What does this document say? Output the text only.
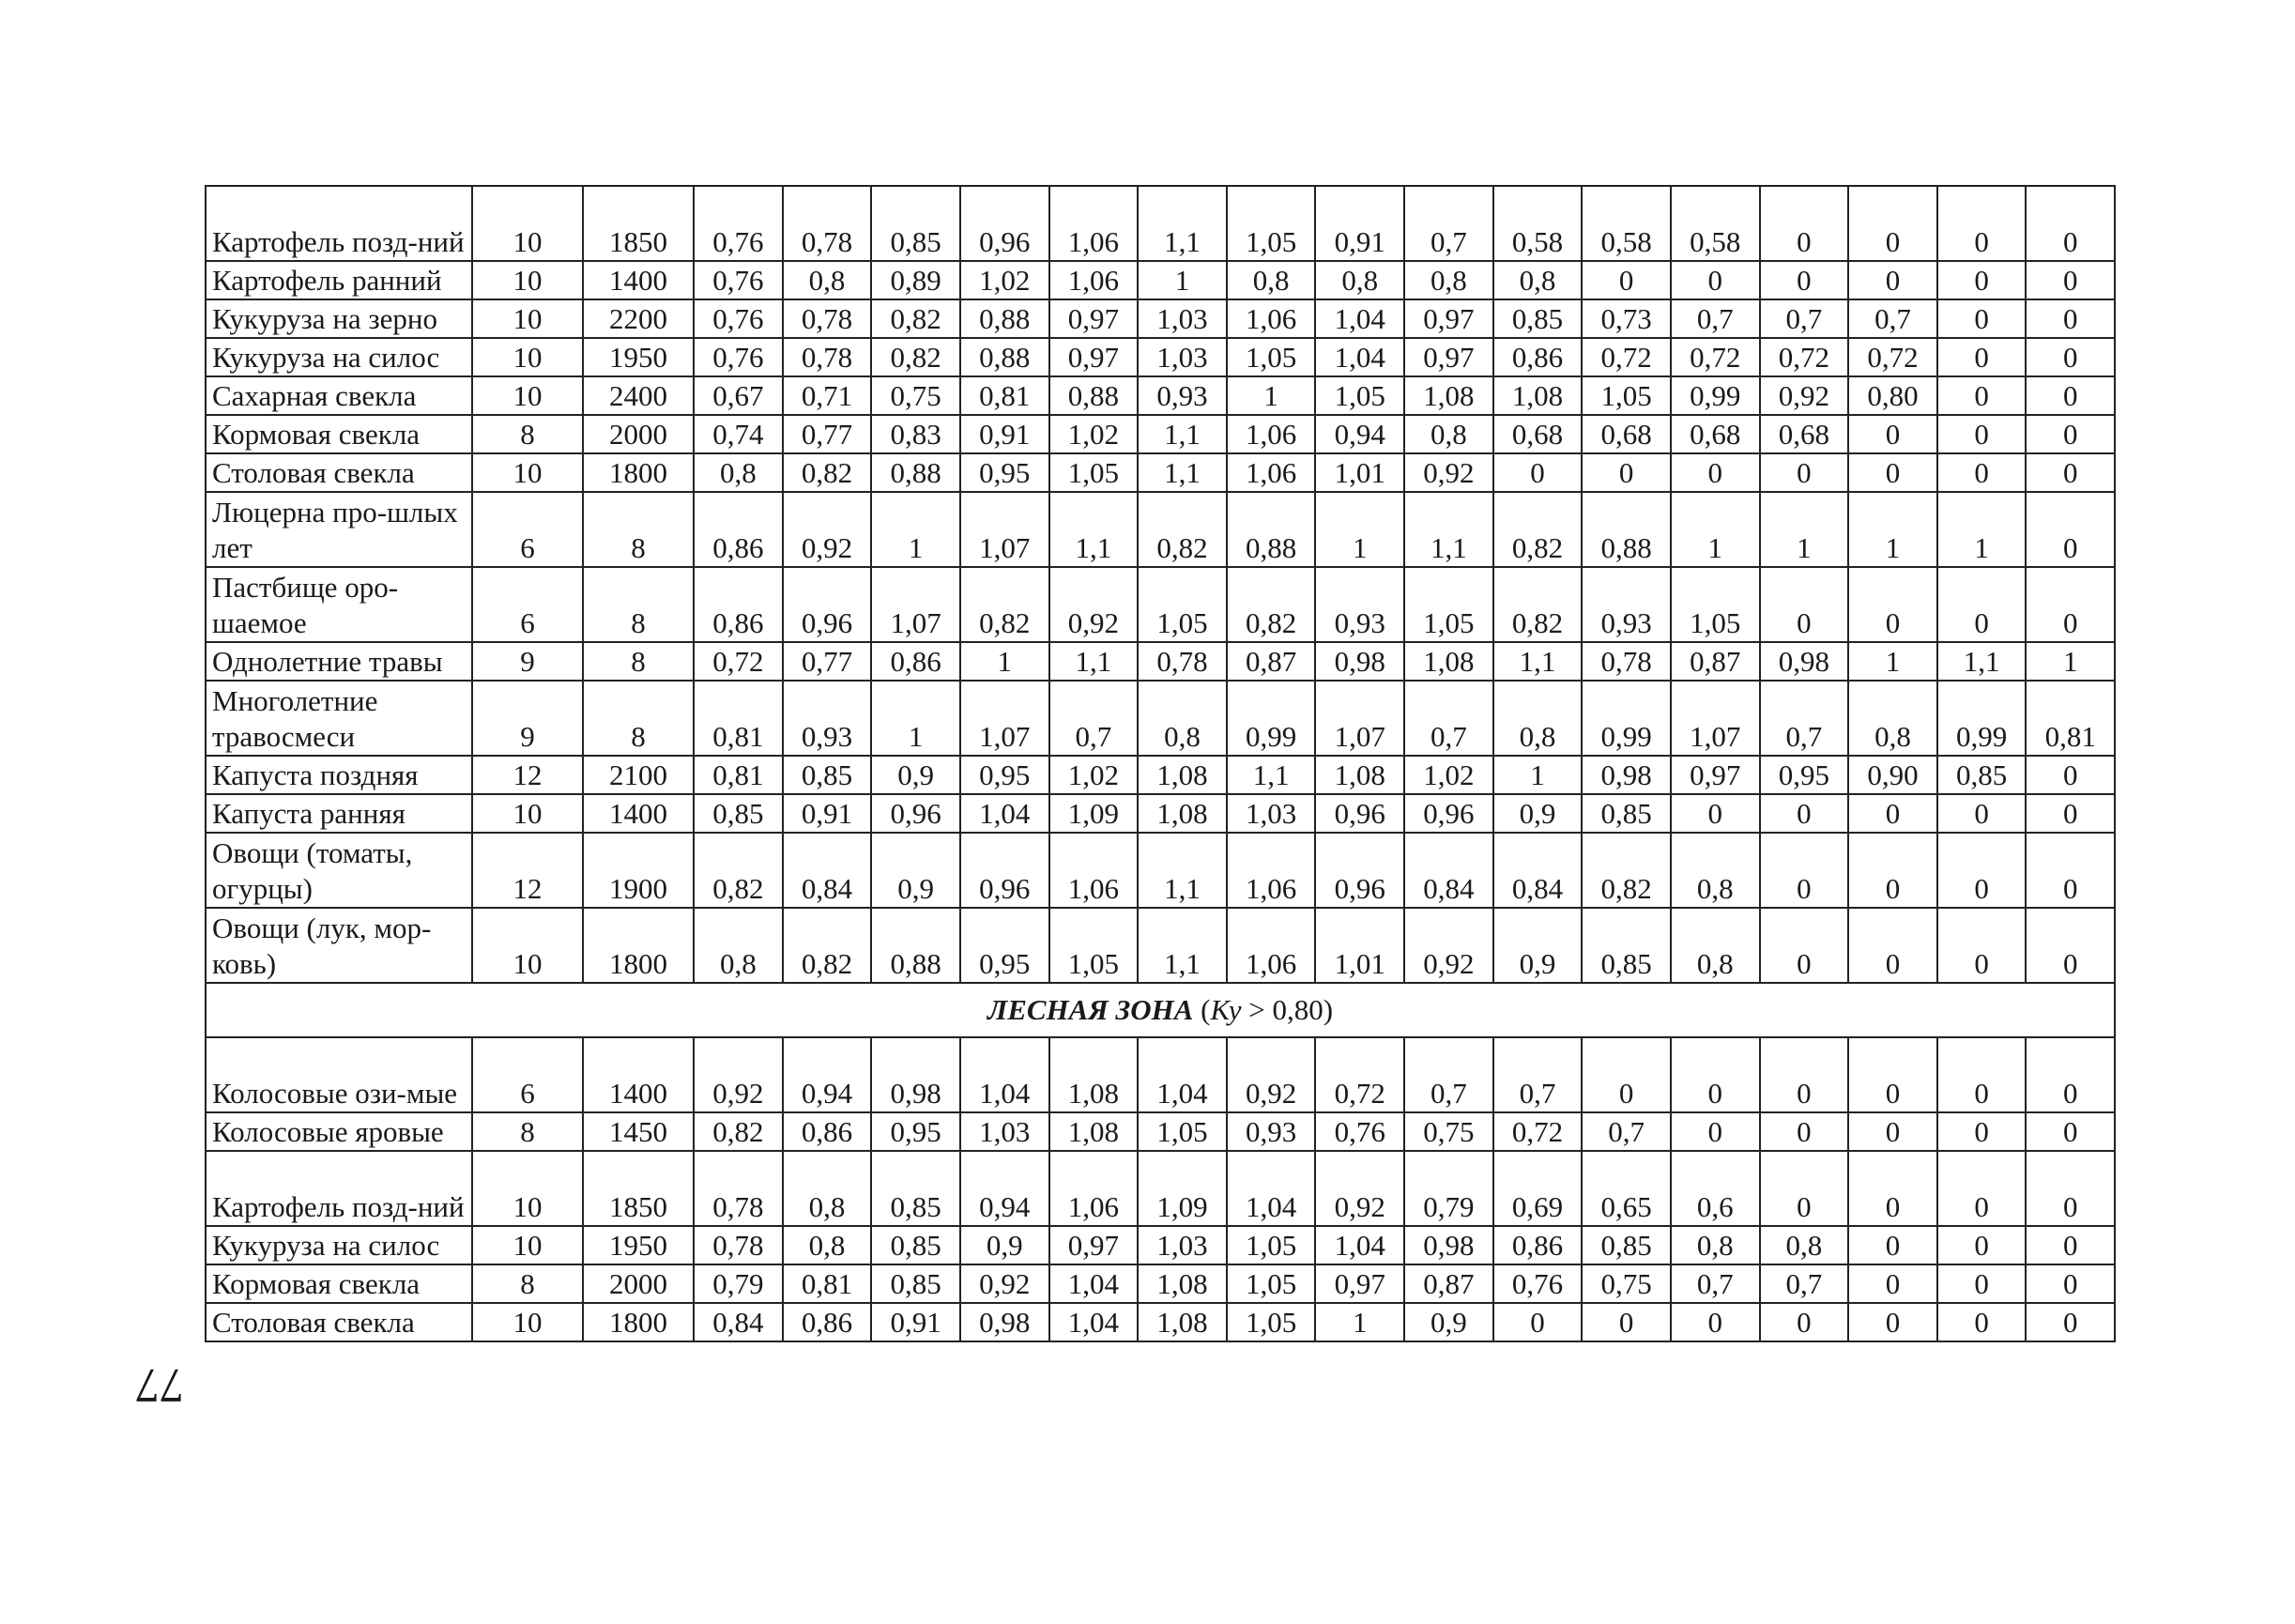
Картофель позд-ний	10	1850	0,76	0,78	0,85	0,96	1,06	1,1	1,05	0,91	0,7	0,58	0,58	0,58	0	0	0	0
Картофель ранний	10	1400	0,76	0,8	0,89	1,02	1,06	1	0,8	0,8	0,8	0,8	0	0	0	0	0	0
Кукуруза на зерно	10	2200	0,76	0,78	0,82	0,88	0,97	1,03	1,06	1,04	0,97	0,85	0,73	0,7	0,7	0,7	0	0
Кукуруза на силос	10	1950	0,76	0,78	0,82	0,88	0,97	1,03	1,05	1,04	0,97	0,86	0,72	0,72	0,72	0,72	0	0
Сахарная свекла	10	2400	0,67	0,71	0,75	0,81	0,88	0,93	1	1,05	1,08	1,08	1,05	0,99	0,92	0,80	0	0
Кормовая свекла	8	2000	0,74	0,77	0,83	0,91	1,02	1,1	1,06	0,94	0,8	0,68	0,68	0,68	0,68	0	0	0
Столовая свекла	10	1800	0,8	0,82	0,88	0,95	1,05	1,1	1,06	1,01	0,92	0	0	0	0	0	0	0
Люцерна про-шлых лет	6	8	0,86	0,92	1	1,07	1,1	0,82	0,88	1	1,1	0,82	0,88	1	1	1	1	0
Пастбище оро-шаемое	6	8	0,86	0,96	1,07	0,82	0,92	1,05	0,82	0,93	1,05	0,82	0,93	1,05	0	0	0	0
Однолетние травы	9	8	0,72	0,77	0,86	1	1,1	0,78	0,87	0,98	1,08	1,1	0,78	0,87	0,98	1	1,1	1
Многолетние травосмеси	9	8	0,81	0,93	1	1,07	0,7	0,8	0,99	1,07	0,7	0,8	0,99	1,07	0,7	0,8	0,99	0,81
Капуста поздняя	12	2100	0,81	0,85	0,9	0,95	1,02	1,08	1,1	1,08	1,02	1	0,98	0,97	0,95	0,90	0,85	0
Капуста ранняя	10	1400	0,85	0,91	0,96	1,04	1,09	1,08	1,03	0,96	0,96	0,9	0,85	0	0	0	0	0
Овощи (томаты, огурцы)	12	1900	0,82	0,84	0,9	0,96	1,06	1,1	1,06	0,96	0,84	0,84	0,82	0,8	0	0	0	0
Овощи (лук, мор-ковь)	10	1800	0,8	0,82	0,88	0,95	1,05	1,1	1,06	1,01	0,92	0,9	0,85	0,8	0	0	0	0
ЛЕСНАЯ ЗОНА (Ку > 0,80)																		
Колосовые ози-мые	6	1400	0,92	0,94	0,98	1,04	1,08	1,04	0,92	0,72	0,7	0,7	0	0	0	0	0	0
Колосовые яровые	8	1450	0,82	0,86	0,95	1,03	1,08	1,05	0,93	0,76	0,75	0,72	0,7	0	0	0	0	0
Картофель позд-ний	10	1850	0,78	0,8	0,85	0,94	1,06	1,09	1,04	0,92	0,79	0,69	0,65	0,6	0	0	0	0
Кукуруза на силос	10	1950	0,78	0,8	0,85	0,9	0,97	1,03	1,05	1,04	0,98	0,86	0,85	0,8	0,8	0	0	0
Кормовая свекла	8	2000	0,79	0,81	0,85	0,92	1,04	1,08	1,05	0,97	0,87	0,76	0,75	0,7	0,7	0	0	0
Столовая свекла	10	1800	0,84	0,86	0,91	0,98	1,04	1,08	1,05	1	0,9	0	0	0	0	0	0	0
77
